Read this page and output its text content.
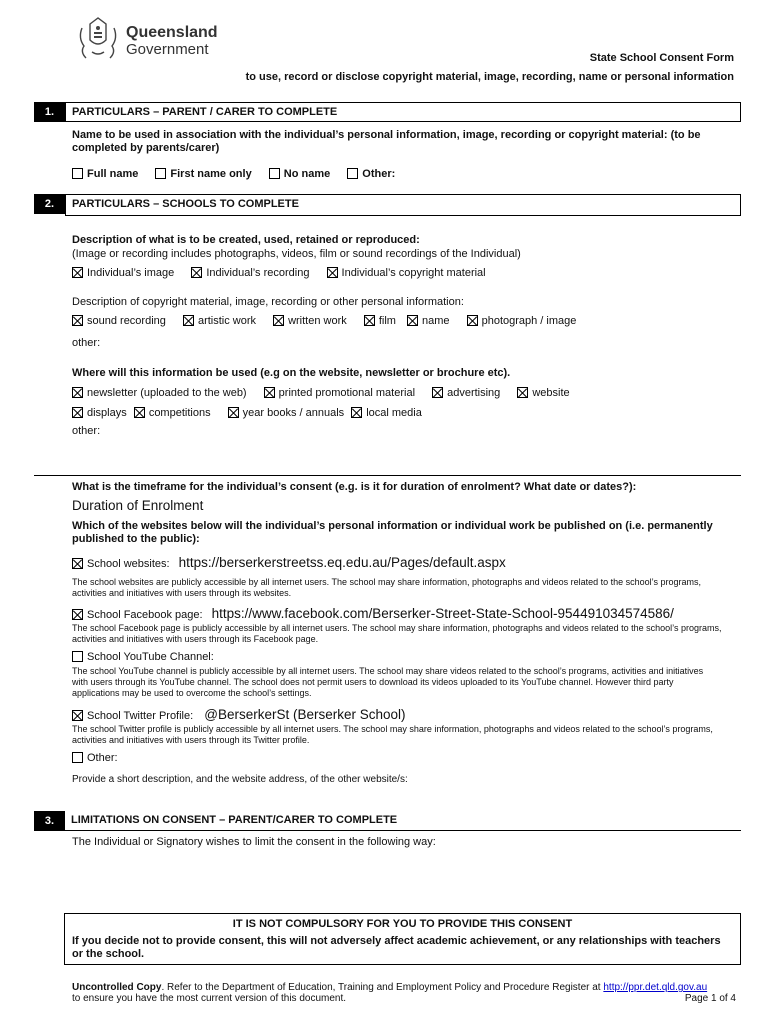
Queensland
Government	State School Consent Form
to use, record or disclose copyright material, image, recording, name or personal information
1.	PARTICULARS – PARENT / CARER TO COMPLETE
Name to be used in association with the individual’s personal information, image, recording or copyright material: (to be completed by parents/carer)
Full name	First name only	No name	Other:
2.	PARTICULARS – SCHOOLS TO COMPLETE
Description of what is to be created, used, retained or reproduced:
(Image or recording includes photographs, videos, film or sound recordings of the Individual)
Individual’s image	Individual’s recording	Individual’s copyright material
Description of copyright material, image, recording or other personal information:
sound recording	artistic work	written work	film name	photograph / image
other:
Where will this information be used (e.g on the website, newsletter or brochure etc).
newsletter (uploaded to the web)	printed promotional material	advertising	website
displays competitions	year books / annuals local media
other:
What is the timeframe for the individual’s consent (e.g. is it for duration of enrolment? What date or dates?):
Duration of Enrolment
Which of the websites below will the individual’s personal information or individual work be published on (i.e. permanently published to the public):
School websites: https://berserkerstreetss.eq.edu.au/Pages/default.aspx
The school websites are publicly accessible by all internet users. The school may share information, photographs and videos related to the school’s programs, activities and initiatives with users through its websites.
School Facebook page: https://www.facebook.com/Berserker-Street-State-School-954491034574586/
The school Facebook page is publicly accessible by all internet users. The school may share information, photographs and videos related to the school’s programs, activities and initiatives with users through its Facebook page.
School YouTube Channel:
The school YouTube channel is publicly accessible by all internet users. The school may share videos related to the school’s programs, activities and initiatives with users through its YouTube channel. The school does not permit users to download its videos uploaded to its YouTube channel. However third party applications may be used to overcome the school’s settings.
School Twitter Profile: @BerserkerSt (Berserker School)
The school Twitter profile is publicly accessible by all internet users. The school may share information, photographs and videos related to the school’s programs, activities and initiatives with users through its Twitter profile.
Other:
Provide a short description, and the website address, of the other website/s:
3.	LIMITATIONS ON CONSENT – PARENT/CARER TO COMPLETE
The Individual or Signatory wishes to limit the consent in the following way:
IT IS NOT COMPULSORY FOR YOU TO PROVIDE THIS CONSENT
If you decide not to provide consent, this will not adversely affect academic achievement, or any relationships with teachers or the school.
Uncontrolled Copy. Refer to the Department of Education, Training and Employment Policy and Procedure Register at http://ppr.det.qld.gov.au
to ensure you have the most current version of this document.	Page 1 of 4
